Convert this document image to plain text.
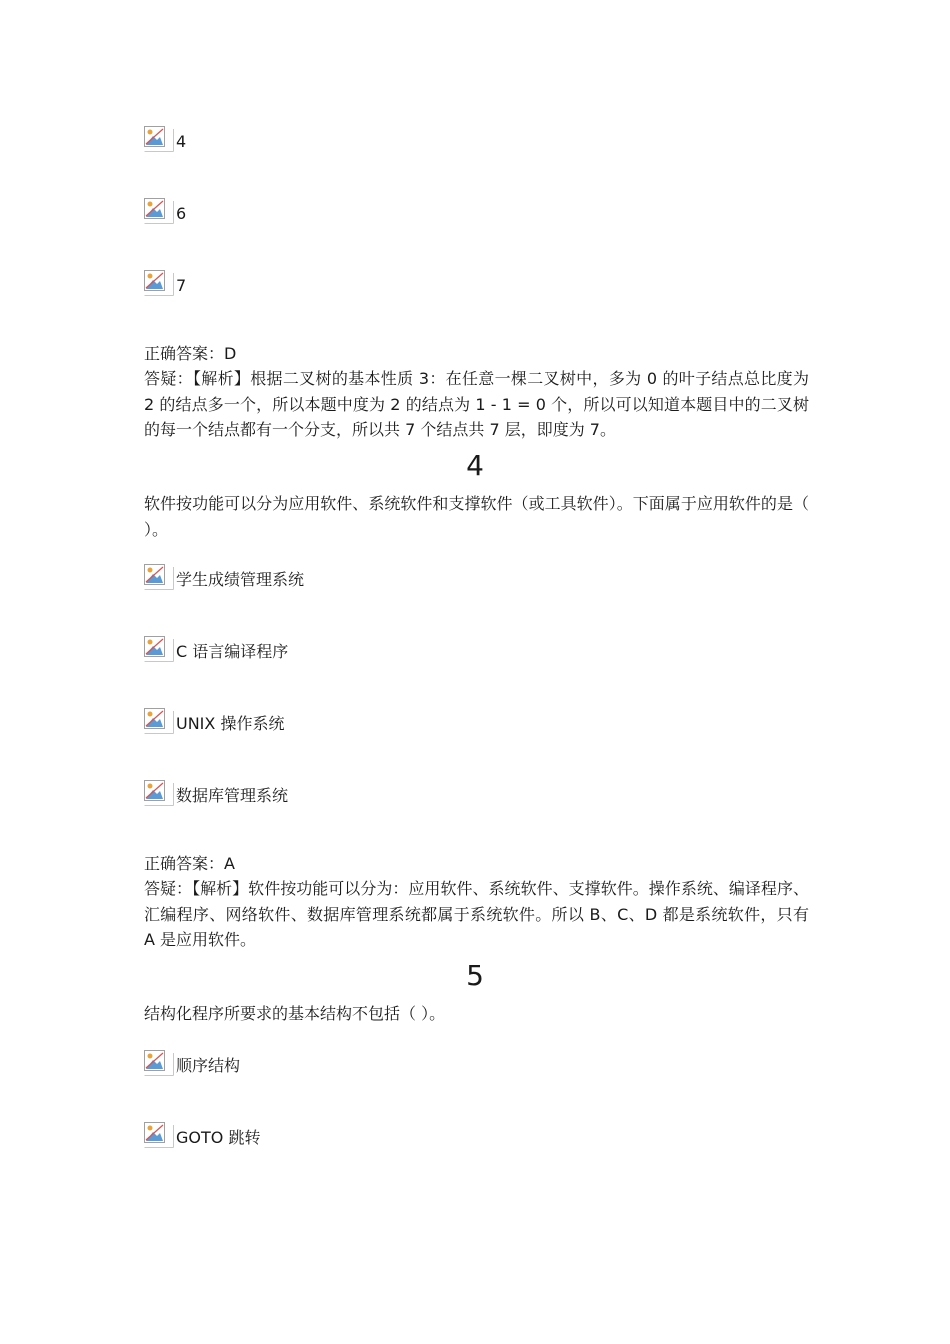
4
6
7
正确答案：D
答疑：【解析】根据二叉树的基本性质 3：在任意一棵二叉树中，多为 0 的叶子结点总比度为 2 的结点多一个，所以本题中度为 2 的结点为 1 - 1 = 0 个，所以可以知道本题目中的二叉树的每一个结点都有一个分支，所以共 7 个结点共 7 层，即度为 7。
4
软件按功能可以分为应用软件、系统软件和支撑软件（或工具软件）。下面属于应用软件的是（ ）。
学生成绩管理系统
C 语言编译程序
UNIX 操作系统
数据库管理系统
正确答案：A
答疑：【解析】软件按功能可以分为：应用软件、系统软件、支撑软件。操作系统、编译程序、汇编程序、网络软件、数据库管理系统都属于系统软件。所以 B、C、D 都是系统软件，只有 A 是应用软件。
5
结构化程序所要求的基本结构不包括（ ）。
顺序结构
GOTO 跳转
